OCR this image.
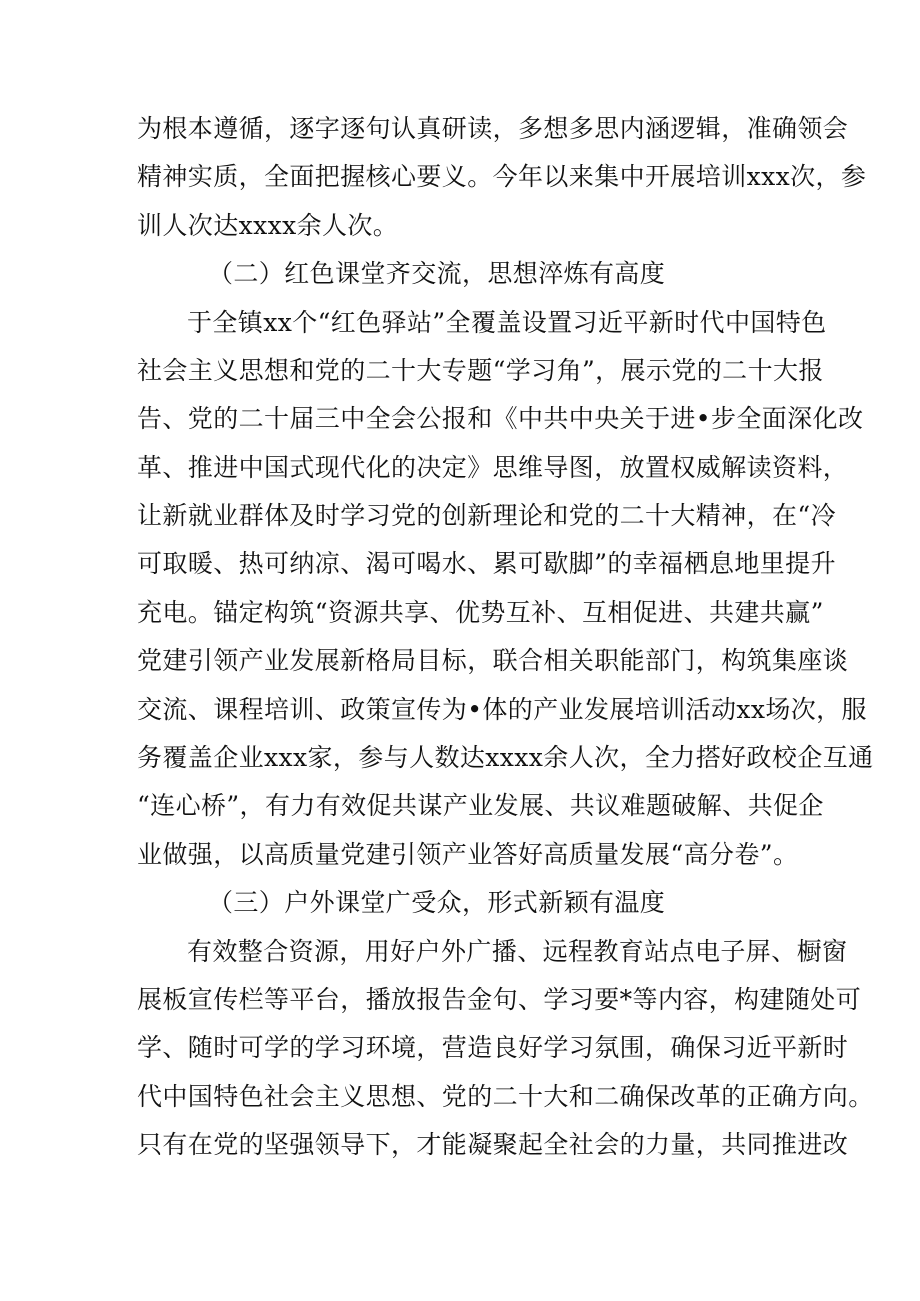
为根本遵循，逐字逐句认真研读，多想多思内涵逻辑，准确领会
精神实质，全面把握核心要义。今年以来集中开展培训xxx次，参
训人次达xxxx余人次。
（二）红色课堂齐交流，思想淬炼有高度
于全镇xx个“红色驿站”全覆盖设置习近平新时代中国特色
社会主义思想和党的二十大专题“学习角”，展示党的二十大报
告、党的二十届三中全会公报和《中共中央关于进•步全面深化改
革、推进中国式现代化的决定》思维导图，放置权威解读资料，
让新就业群体及时学习党的创新理论和党的二十大精神，在“冷
可取暖、热可纳凉、渴可喝水、累可歇脚”的幸福栖息地里提升
充电。锚定构筑“资源共享、优势互补、互相促进、共建共赢”
党建引领产业发展新格局目标，联合相关职能部门，构筑集座谈
交流、课程培训、政策宣传为•体的产业发展培训活动xx场次，服
务覆盖企业xxx家，参与人数达xxxx余人次，全力搭好政校企互通
“连心桥”，有力有效促共谋产业发展、共议难题破解、共促企
业做强，以高质量党建引领产业答好高质量发展“高分卷”。
（三）户外课堂广受众，形式新颖有温度
有效整合资源，用好户外广播、远程教育站点电子屏、橱窗
展板宣传栏等平台，播放报告金句、学习要*等内容，构建随处可
学、随时可学的学习环境，营造良好学习氛围，确保习近平新时
代中国特色社会主义思想、党的二十大和二确保改革的正确方向。
只有在党的坚强领导下，才能凝聚起全社会的力量，共同推进改
